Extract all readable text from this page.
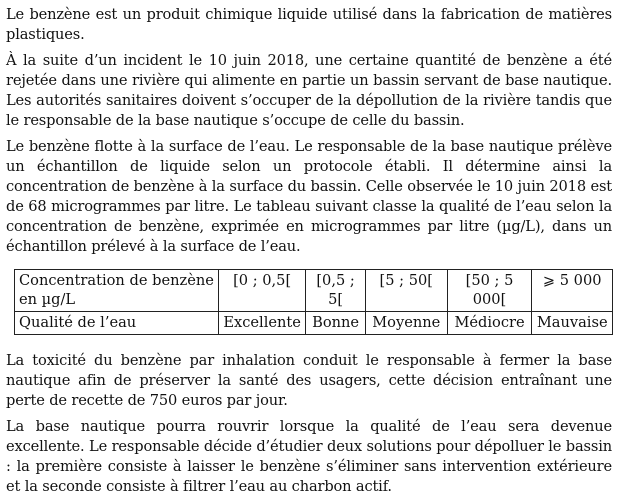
Le benzène est un produit chimique liquide utilisé dans la fabrication de matières plastiques.

À la suite d’un incident le 10 juin 2018, une certaine quantité de benzène a été rejetée dans une rivière qui alimente en partie un bassin servant de base nautique. Les autorités sanitaires doivent s’occuper de la dépollution de la rivière tandis que le responsable de la base nautique s’occupe de celle du bassin.

Le benzène flotte à la surface de l’eau. Le responsable de la base nautique prélève un échantillon de liquide selon un protocole établi. Il détermine ainsi la concentration de benzène à la surface du bassin. Celle observée le 10 juin 2018 est de 68 microgrammes par litre. Le tableau suivant classe la qualité de l’eau selon la concentration de benzène, exprimée en microgrammes par litre (µg/L), dans un échantillon prélevé à la surface de l’eau.

Concentration de benzène en µg/L	[0 ; 0,5[	[0,5 ; 5[	[5 ; 50[	[50 ; 5 000[	⩾ 5 000
Qualité de l’eau	Excellente	Bonne	Moyenne	Médiocre	Mauvaise

La toxicité du benzène par inhalation conduit le responsable à fermer la base nautique afin de préserver la santé des usagers, cette décision entraînant une perte de recette de 750 euros par jour.

La base nautique pourra rouvrir lorsque la qualité de l’eau sera devenue excellente. Le responsable décide d’étudier deux solutions pour dépolluer le bassin : la première consiste à laisser le benzène s’éliminer sans intervention extérieure et la seconde consiste à filtrer l’eau au charbon actif.
